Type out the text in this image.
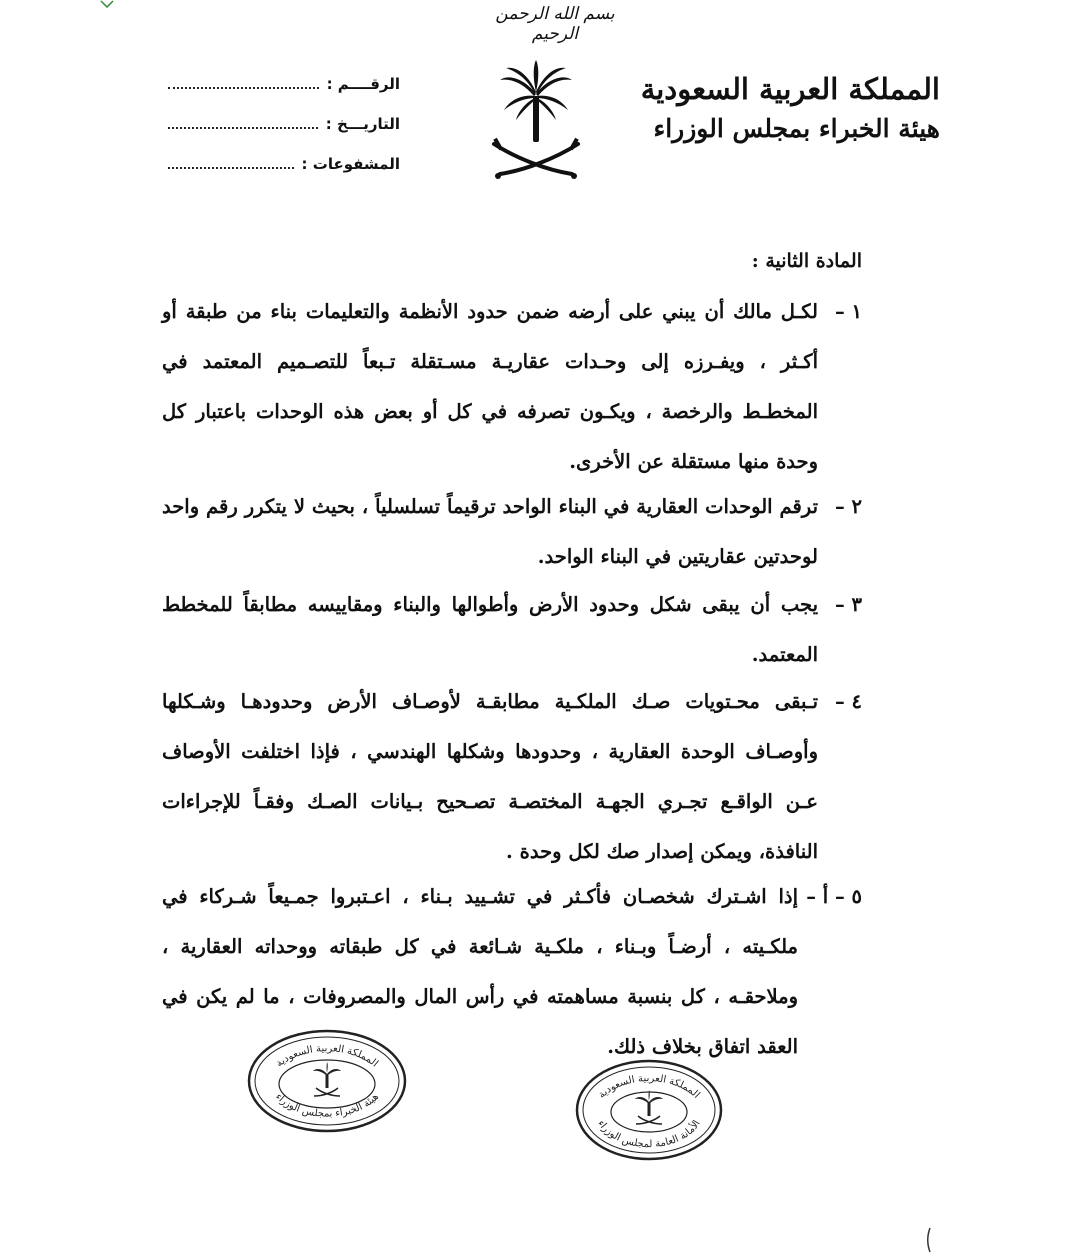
بسم الله الرحمن الرحيم
المملكة العربية السعودية
هيئة الخبراء بمجلس الوزراء
الرقــــم :
التاريـــخ :
المشفوعات :
المادة الثانية :
١ –
لكـل مالك أن يبني على أرضه ضمن حدود الأنظمة والتعليمات بناء من طبقة أو أكـثر ، ويفـرزه إلى وحـدات عقاريـة مسـتقلة تـبعاً للتصـميم المعتمد في المخطـط والرخصة ، ويكـون تصرفه في كل أو بعض هذه الوحدات باعتبار كل وحدة منها مستقلة عن الأخرى.
٢ –
ترقم الوحدات العقارية في البناء الواحد ترقيماً تسلسلياً ، بحيث لا يتكرر رقم واحد لوحدتين عقاريتين في البناء الواحد.
٣ –
يجب أن يبقى شكل وحدود الأرض وأطوالها والبناء ومقاييسه مطابقاً للمخطط المعتمد.
٤ –
تـبقى محـتويات صـك الملكـية مطابقـة لأوصـاف الأرض وحدودهـا وشـكلها وأوصـاف الوحدة العقارية ، وحدودها وشكلها الهندسي ، فإذا اختلفت الأوصاف عـن الواقـع تجـري الجهـة المختصـة تصـحيح بـيانات الصـك وفقـاً للإجراءات النافذة، ويمكن إصدار صك لكل وحدة .
٥ – أ –
إذا اشـترك شخصـان فأكـثر في تشـييد بـناء ، اعـتبروا جمـيعاً شـركاء في ملكـيته ، أرضـاً وبـناء ، ملكـية شـائعة في كل طبقاته ووحداته العقارية ، وملاحقـه ، كل بنسبة مساهمته في رأس المال والمصروفات ، ما لم يكن في العقد اتفاق بخلاف ذلك.
المملكة العربية السعودية
هيئة الخبراء بمجلس الوزراء	المملكة العربية السعودية
الأمانة العامة لمجلس الوزراء
